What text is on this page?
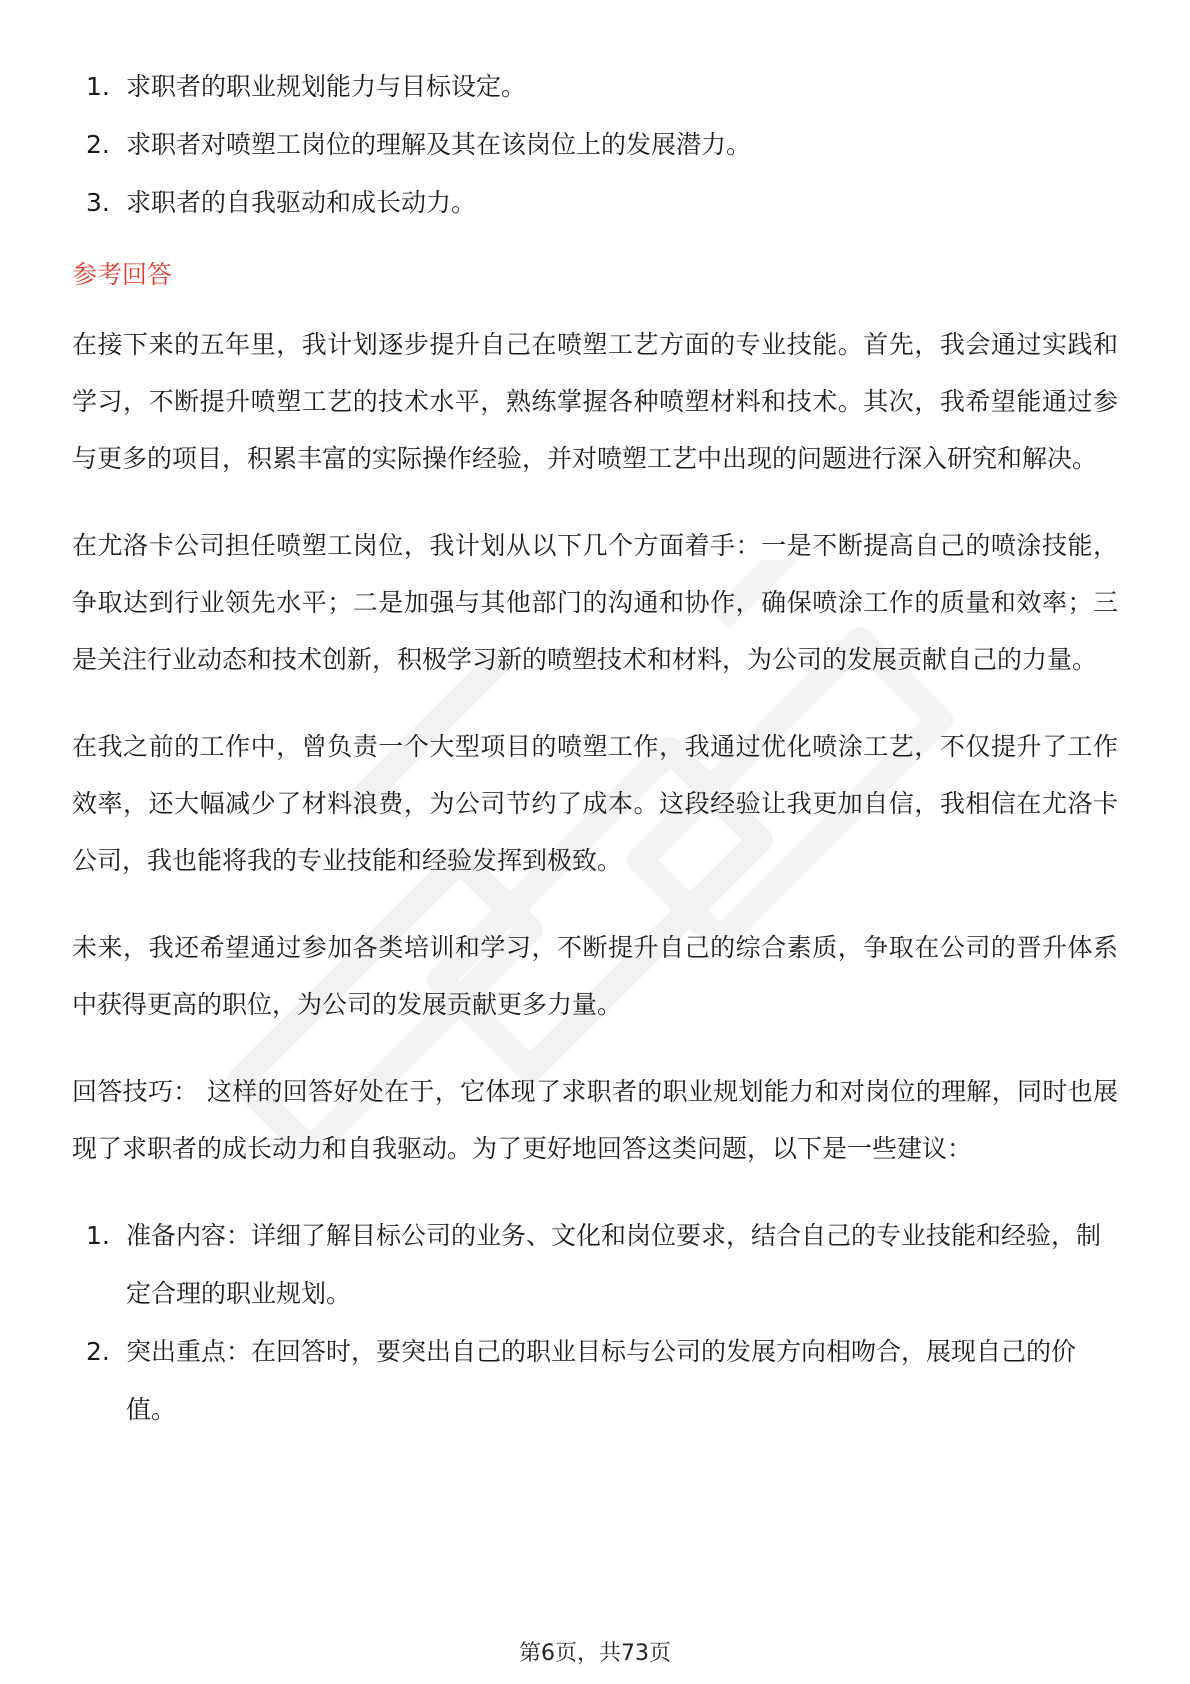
1. 求职者的职业规划能力与目标设定。
2. 求职者对喷塑工岗位的理解及其在该岗位上的发展潜力。
3. 求职者的自我驱动和成长动力。
参考回答

在接下来的五年里，我计划逐步提升自己在喷塑工艺方面的专业技能。首先，我会通过实践和学习，不断提升喷塑工艺的技术水平，熟练掌握各种喷塑材料和技术。其次，我希望能通过参与更多的项目，积累丰富的实际操作经验，并对喷塑工艺中出现的问题进行深入研究和解决。

在尤洛卡公司担任喷塑工岗位，我计划从以下几个方面着手：一是不断提高自己的喷涂技能，争取达到行业领先水平；二是加强与其他部门的沟通和协作，确保喷涂工作的质量和效率；三是关注行业动态和技术创新，积极学习新的喷塑技术和材料，为公司的发展贡献自己的力量。

在我之前的工作中，曾负责一个大型项目的喷塑工作，我通过优化喷涂工艺，不仅提升了工作效率，还大幅减少了材料浪费，为公司节约了成本。这段经验让我更加自信，我相信在尤洛卡公司，我也能将我的专业技能和经验发挥到极致。

未来，我还希望通过参加各类培训和学习，不断提升自己的综合素质，争取在公司的晋升体系中获得更高的职位，为公司的发展贡献更多力量。

回答技巧： 这样的回答好处在于，它体现了求职者的职业规划能力和对岗位的理解，同时也展现了求职者的成长动力和自我驱动。为了更好地回答这类问题，以下是一些建议：

1. 准备内容：详细了解目标公司的业务、文化和岗位要求，结合自己的专业技能和经验，制定合理的职业规划。
2. 突出重点：在回答时，要突出自己的职业目标与公司的发展方向相吻合，展现自己的价值。
第6页，共73页
